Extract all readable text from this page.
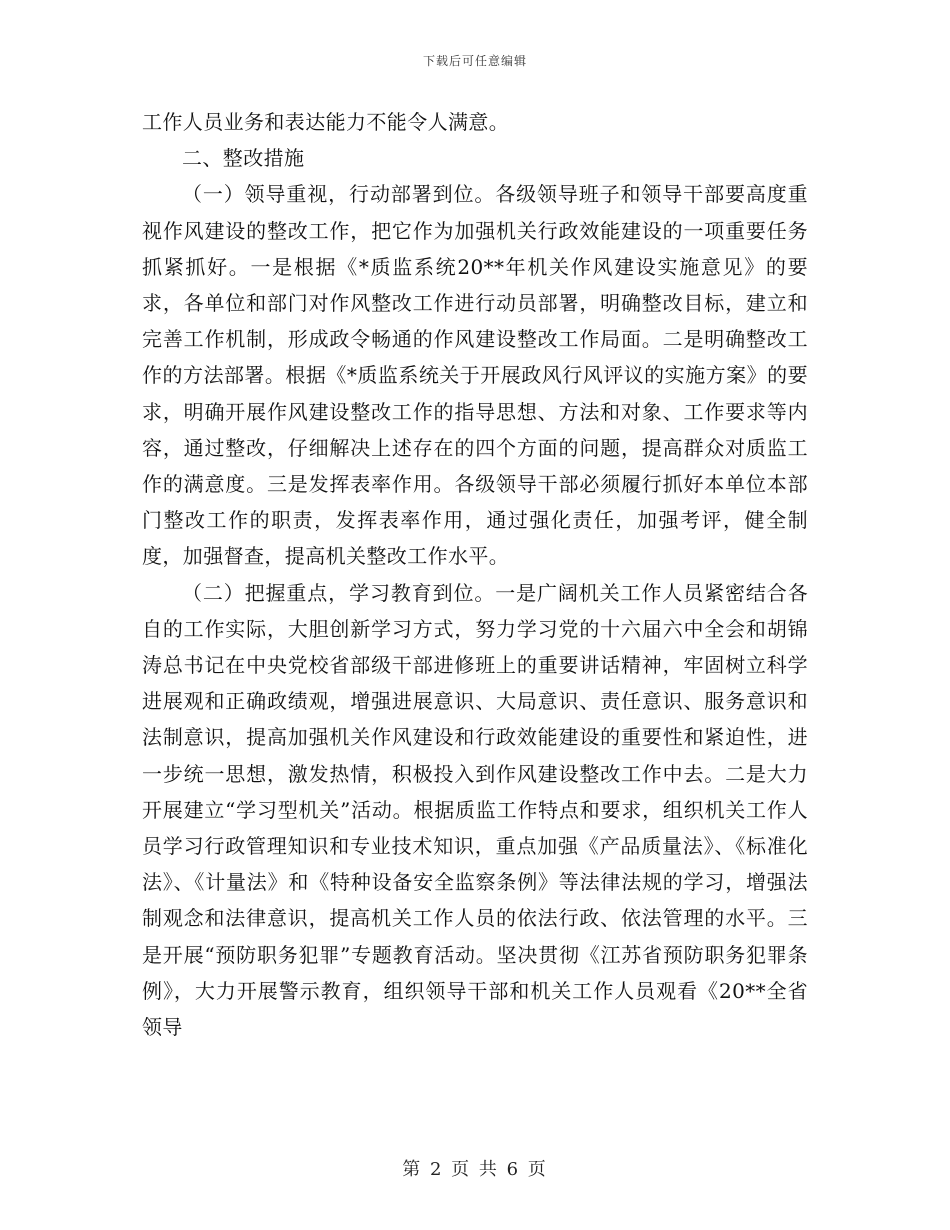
下载后可任意编辑

工作人员业务和表达能力不能令人满意。

二、整改措施

（一）领导重视，行动部署到位。各级领导班子和领导干部要高度重视作风建设的整改工作，把它作为加强机关行政效能建设的一项重要任务抓紧抓好。一是根据《*质监系统20**年机关作风建设实施意见》的要求，各单位和部门对作风整改工作进行动员部署，明确整改目标，建立和完善工作机制，形成政令畅通的作风建设整改工作局面。二是明确整改工作的方法部署。根据《*质监系统关于开展政风行风评议的实施方案》的要求，明确开展作风建设整改工作的指导思想、方法和对象、工作要求等内容，通过整改，仔细解决上述存在的四个方面的问题，提高群众对质监工作的满意度。三是发挥表率作用。各级领导干部必须履行抓好本单位本部门整改工作的职责，发挥表率作用，通过强化责任，加强考评，健全制度，加强督查，提高机关整改工作水平。

（二）把握重点，学习教育到位。一是广阔机关工作人员紧密结合各自的工作实际，大胆创新学习方式，努力学习党的十六届六中全会和胡锦涛总书记在中央党校省部级干部进修班上的重要讲话精神，牢固树立科学进展观和正确政绩观，增强进展意识、大局意识、责任意识、服务意识和法制意识，提高加强机关作风建设和行政效能建设的重要性和紧迫性，进一步统一思想，激发热情，积极投入到作风建设整改工作中去。二是大力开展建立“学习型机关”活动。根据质监工作特点和要求，组织机关工作人员学习行政管理知识和专业技术知识，重点加强《产品质量法》、《标准化法》、《计量法》和《特种设备安全监察条例》等法律法规的学习，增强法制观念和法律意识，提高机关工作人员的依法行政、依法管理的水平。三是开展“预防职务犯罪”专题教育活动。坚决贯彻《江苏省预防职务犯罪条例》，大力开展警示教育，组织领导干部和机关工作人员观看《20**全省领导

第 2 页 共 6 页
